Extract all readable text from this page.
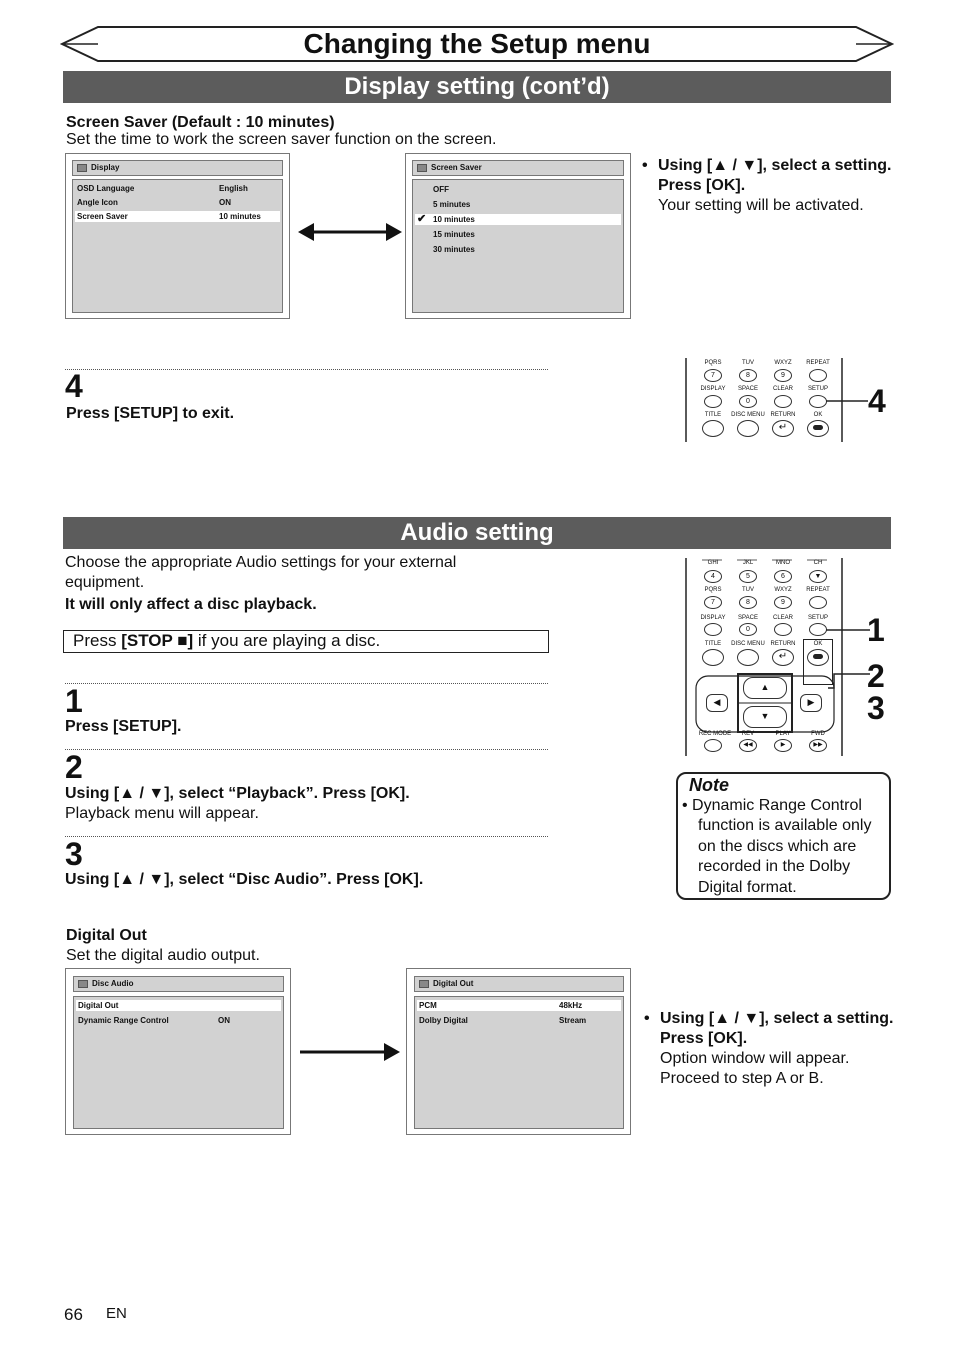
Changing the Setup menu
Display setting (cont’d)
Screen Saver (Default : 10 minutes)
Set the time to work the screen saver function on the screen.
Display
OSD Language	English
Angle Icon	ON
Screen Saver	10 minutes
Screen Saver
OFF
5 minutes
✔ 10 minutes
15 minutes
30 minutes
• Using [▲ / ▼], select a setting. Press [OK].
Your setting will be activated.
4
Press [SETUP] to exit.
PQRS	TUV	WXYZ	REPEAT
7	8	9
DISPLAY	SPACE	CLEAR	SETUP
0
TITLE	DISC MENU RETURN	OK
↵
4
Audio setting
Choose the appropriate Audio settings for your external equipment.
It will only affect a disc playback.
Press [STOP ■] if you are playing a disc.
1
Press [SETUP].
2
Using [▲ / ▼], select “Playback”. Press [OK].
Playback menu will appear.
3
Using [▲ / ▼], select “Disc Audio”. Press [OK].
GHI	JKL	MNO	CH
4	5	6	▼
PQRS	TUV	WXYZ	REPEAT
7	8	9
DISPLAY	SPACE	CLEAR	SETUP
0
TITLE	DISC MENU RETURN	OK
↵
◀
▲
▼
▶
REC MODE	REV	PLAY	FWD
◀◀	▶	▶▶
1
2
3
Note
• Dynamic Range Control function is available only on the discs which are recorded in the Dolby Digital format.
Digital Out
Set the digital audio output.
Disc Audio
Digital Out
Dynamic Range Control	ON
Digital Out
PCM	48kHz
Dolby Digital	Stream	• Using [▲ / ▼], select a setting. Press [OK].
Option window will appear. Proceed to step A or B.
66 EN
